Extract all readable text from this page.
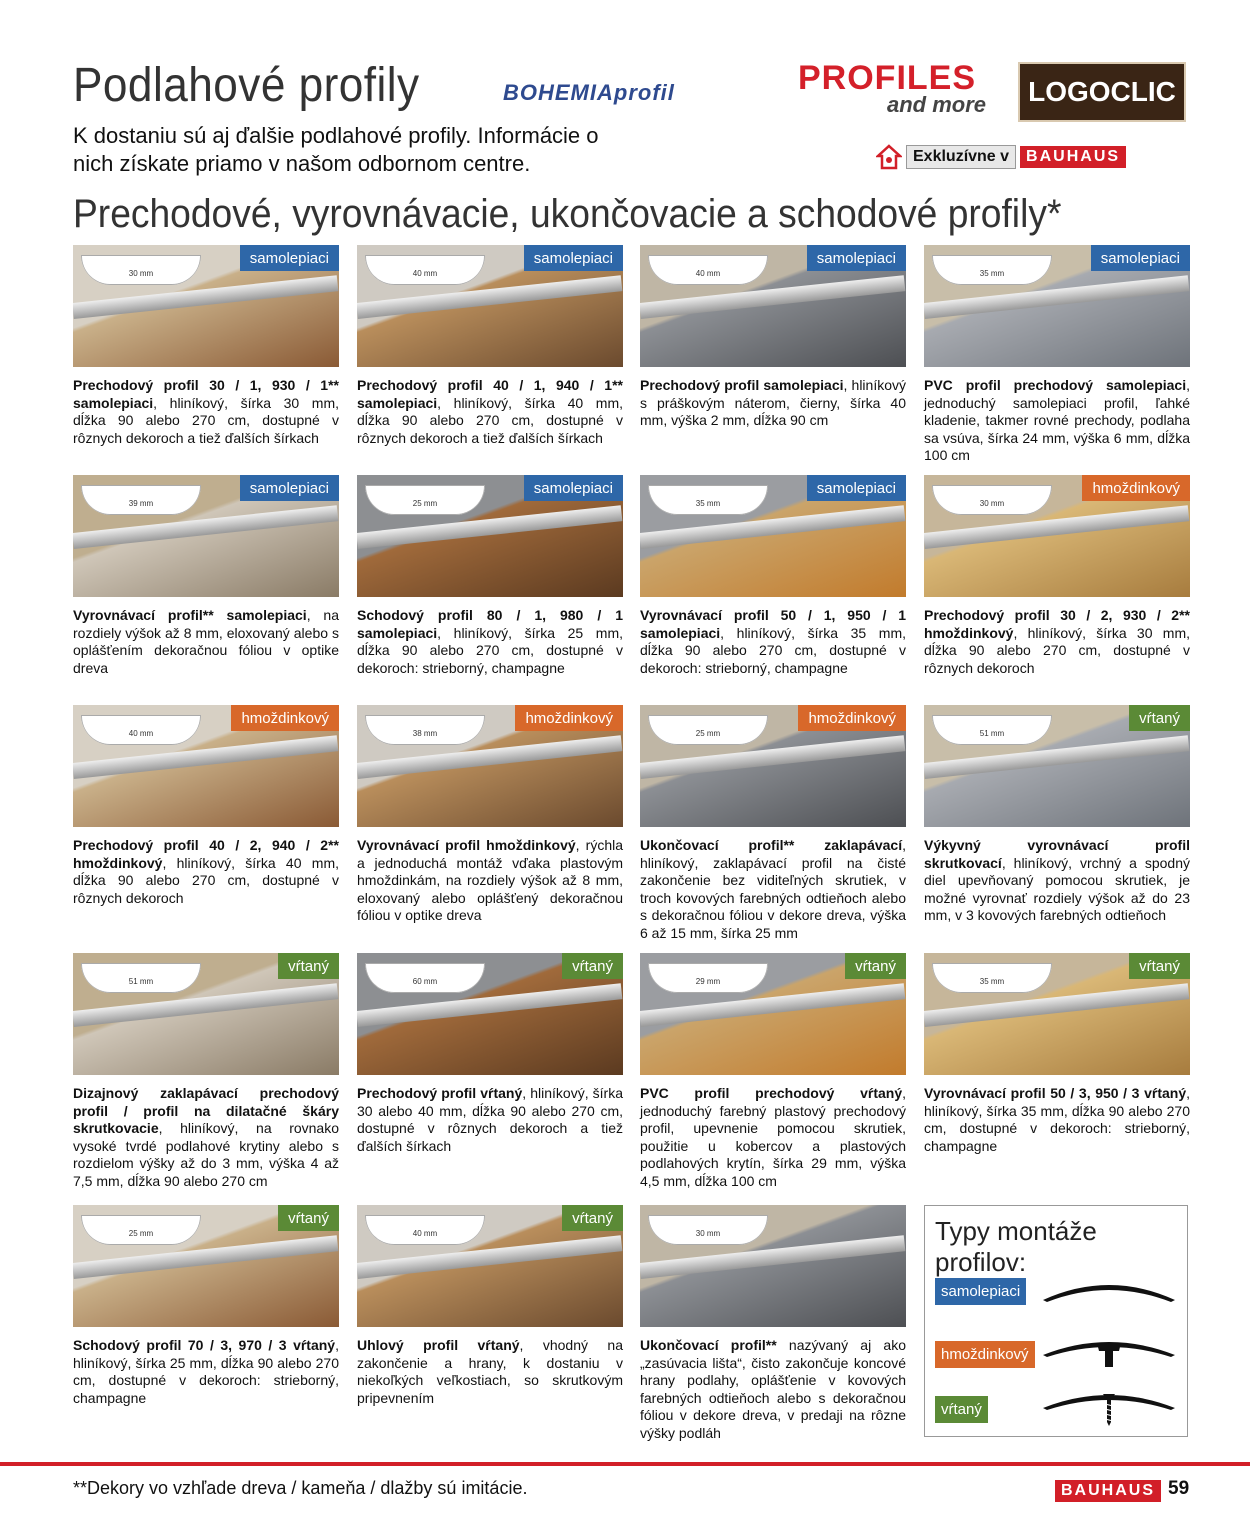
Podlahové profily	BOHEMIAprofil	PROFILES
and more	LOGOCLIC
K dostaniu sú aj ďalšie podlahové profily. Informácie o nich získate priamo v našom odbornom centre.	Exkluzívne v	BAUHAUS
Prechodové, vyrovnávacie, ukončovacie a schodové profily*
30 mm
samolepiaci
Prechodový profil 30 / 1, 930 / 1** samolepiaci, hliníkový, šírka 30 mm, dĺžka 90 alebo 270 cm, dostupné v rôznych dekoroch a tiež ďalších šírkach
40 mm
samolepiaci
Prechodový profil 40 / 1, 940 / 1** samolepiaci, hliníkový, šírka 40 mm, dĺžka 90 alebo 270 cm, dostupné v rôznych dekoroch a tiež ďalších šírkach
40 mm
samolepiaci
Prechodový profil samolepiaci, hliníkový s práškovým náterom, čierny, šírka 40 mm, výška 2 mm, dĺžka 90 cm
35 mm
samolepiaci
PVC profil prechodový samolepiaci, jednoduchý samolepiaci profil, ľahké kladenie, takmer rovné prechody, podlaha sa vsúva, šírka 24 mm, výška 6 mm, dĺžka 100 cm
39 mm
samolepiaci
Vyrovnávací profil** samolepiaci, na rozdiely výšok až 8 mm, eloxovaný alebo s oplášťením dekoračnou fóliou v optike dreva
25 mm
samolepiaci
Schodový profil 80 / 1, 980 / 1 samolepiaci, hliníkový, šírka 25 mm, dĺžka 90 alebo 270 cm, dostupné v dekoroch: strieborný, champagne
35 mm
samolepiaci
Vyrovnávací profil 50 / 1, 950 / 1 samolepiaci, hliníkový, šírka 35 mm, dĺžka 90 alebo 270 cm, dostupné v dekoroch: strieborný, champagne
30 mm
hmoždinkový
Prechodový profil 30 / 2, 930 / 2** hmoždinkový, hliníkový, šírka 30 mm, dĺžka 90 alebo 270 cm, dostupné v rôznych dekoroch
40 mm
hmoždinkový
Prechodový profil 40 / 2, 940 / 2** hmoždinkový, hliníkový, šírka 40 mm, dĺžka 90 alebo 270 cm, dostupné v rôznych dekoroch
38 mm
hmoždinkový
Vyrovnávací profil hmoždinkový, rýchla a jednoduchá montáž vďaka plastovým hmoždinkám, na rozdiely výšok až 8 mm, eloxovaný alebo oplášťený dekoračnou fóliou v optike dreva
25 mm
hmoždinkový
Ukončovací profil** zaklapávací, hliníkový, zaklapávací profil na čisté zakončenie bez viditeľných skrutiek, v troch kovových farebných odtieňoch alebo s dekoračnou fóliou v dekore dreva, výška 6 až 15 mm, šírka 25 mm
51 mm
vŕtaný
Výkyvný vyrovnávací profil skrutkovací, hliníkový, vrchný a spodný diel upevňovaný pomocou skrutiek, je možné vyrovnať rozdiely výšok až do 23 mm, v 3 kovových farebných odtieňoch
51 mm
vŕtaný
Dizajnový zaklapávací prechodový profil / profil na dilatačné škáry skrutkovacie, hliníkový, na rovnako vysoké tvrdé podlahové krytiny alebo s rozdielom výšky až do 3 mm, výška 4 až 7,5 mm, dĺžka 90 alebo 270 cm
60 mm
vŕtaný
Prechodový profil vŕtaný, hliníkový, šírka 30 alebo 40 mm, dĺžka 90 alebo 270 cm, dostupné v rôznych dekoroch a tiež ďalších šírkach
29 mm
vŕtaný
PVC profil prechodový vŕtaný, jednoduchý farebný plastový prechodový profil, upevnenie pomocou skrutiek, použitie u kobercov a plastových podlahových krytín, šírka 29 mm, výška 4,5 mm, dĺžka 100 cm
35 mm
vŕtaný
Vyrovnávací profil 50 / 3, 950 / 3 vŕtaný, hliníkový, šírka 35 mm, dĺžka 90 alebo 270 cm, dostupné v dekoroch: strieborný, champagne
25 mm
vŕtaný
Schodový profil 70 / 3, 970 / 3 vŕtaný, hliníkový, šírka 25 mm, dĺžka 90 alebo 270 cm, dostupné v dekoroch: strieborný, champagne
40 mm
vŕtaný
Uhlový profil vŕtaný, vhodný na zakončenie a hrany, k dostaniu v niekoľkých veľkostiach, so skrutkovým pripevnením
30 mm
Ukončovací profil** nazývaný aj ako „zasúvacia lišta“, čisto zakončuje koncové hrany podlahy, oplášťenie v kovových farebných odtieňoch alebo s dekoračnou fóliou v dekore dreva, v predaji na rôzne výšky podláh
Typy montáže profilov:
samolepiaci
hmoždinkový
vŕtaný
**Dekory vo vzhľade dreva / kameňa / dlažby sú imitácie.	BAUHAUS 59
